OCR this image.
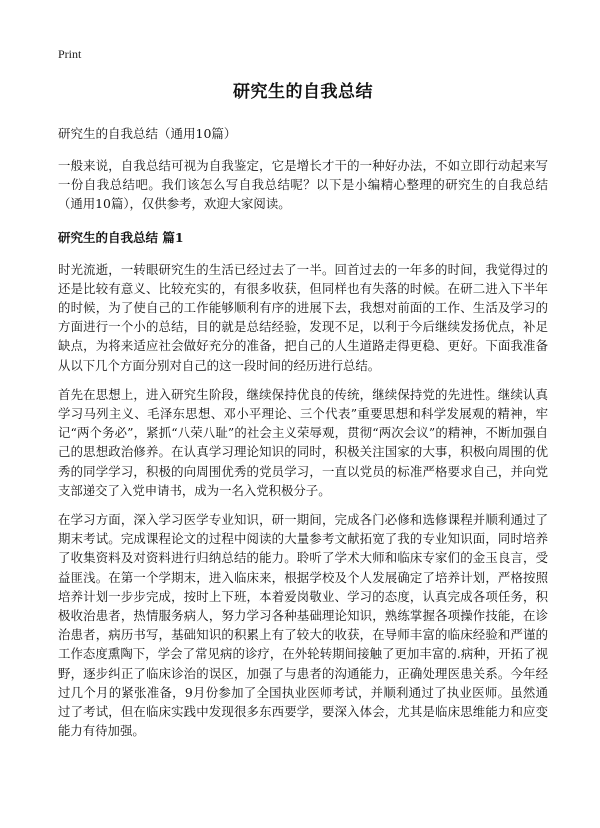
Print
研究生的自我总结
研究生的自我总结（通用10篇）

一般来说，自我总结可视为自我鉴定，它是增长才干的一种好办法，不如立即行动起来写一份自我总结吧。我们该怎么写自我总结呢？以下是小编精心整理的研究生的自我总结（通用10篇），仅供参考，欢迎大家阅读。

研究生的自我总结 篇1

时光流逝，一转眼研究生的生活已经过去了一半。回首过去的一年多的时间，我觉得过的还是比较有意义、比较充实的，有很多收获，但同样也有失落的时候。在研二进入下半年的时候，为了使自己的工作能够顺利有序的进展下去，我想对前面的工作、生活及学习的方面进行一个小的总结，目的就是总结经验，发现不足，以利于今后继续发扬优点，补足缺点，为将来适应社会做好充分的准备，把自己的人生道路走得更稳、更好。下面我准备从以下几个方面分别对自己的这一段时间的经历进行总结。

首先在思想上，进入研究生阶段，继续保持优良的传统，继续保持党的先进性。继续认真学习马列主义、毛泽东思想、邓小平理论、三个代表”重要思想和科学发展观的精神，牢记“两个务必”，紧抓“八荣八耻”的社会主义荣辱观，贯彻“两次会议”的精神，不断加强自己的思想政治修养。在认真学习理论知识的同时，积极关注国家的大事，积极向周围的优秀的同学学习，积极的向周围优秀的党员学习，一直以党员的标准严格要求自己，并向党支部递交了入党申请书，成为一名入党积极分子。

在学习方面，深入学习医学专业知识，研一期间，完成各门必修和选修课程并顺利通过了期末考试。完成课程论文的过程中阅读的大量参考文献拓宽了我的专业知识面，同时培养了收集资料及对资料进行归纳总结的能力。聆听了学术大师和临床专家们的金玉良言，受益匪浅。在第一个学期末，进入临床来，根据学校及个人发展确定了培养计划，严格按照培养计划一步步完成，按时上下班，本着爱岗敬业、学习的态度，认真完成各项任务，积极收治患者，热情服务病人，努力学习各种基础理论知识，熟练掌握各项操作技能，在诊治患者，病历书写，基础知识的积累上有了较大的收获，在导师丰富的临床经验和严谨的工作态度熏陶下，学会了常见病的诊疗，在外轮转期间接触了更加丰富的.病种，开拓了视野，逐步纠正了临床诊治的误区，加强了与患者的沟通能力，正确处理医患关系。今年经过几个月的紧张准备，9月份参加了全国执业医师考试，并顺利通过了执业医师。虽然通过了考试，但在临床实践中发现很多东西要学，要深入体会，尤其是临床思维能力和应变能力有待加强。
